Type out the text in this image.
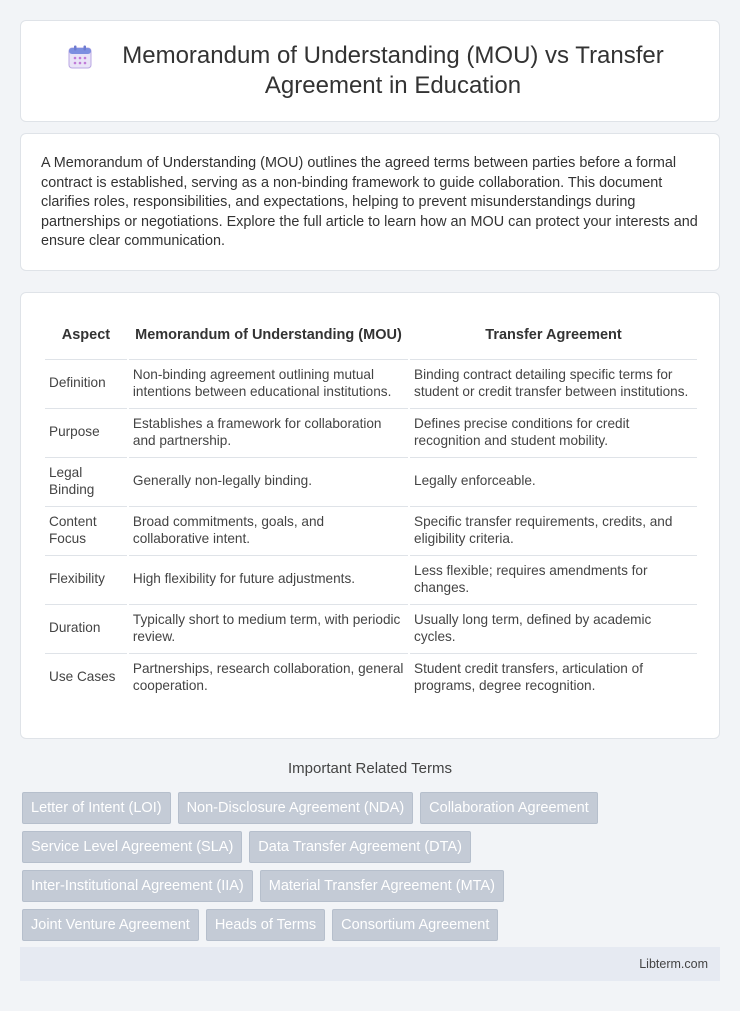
Memorandum of Understanding (MOU) vs Transfer Agreement in Education

A Memorandum of Understanding (MOU) outlines the agreed terms between parties before a formal contract is established, serving as a non-binding framework to guide collaboration. This document clarifies roles, responsibilities, and expectations, helping to prevent misunderstandings during partnerships or negotiations. Explore the full article to learn how an MOU can protect your interests and ensure clear communication.

Aspect	Memorandum of Understanding (MOU)	Transfer Agreement
Definition	Non-binding agreement outlining mutual intentions between educational institutions.	Binding contract detailing specific terms for student or credit transfer between institutions.
Purpose	Establishes a framework for collaboration and partnership.	Defines precise conditions for credit recognition and student mobility.
Legal Binding	Generally non-legally binding.	Legally enforceable.
Content Focus	Broad commitments, goals, and collaborative intent.	Specific transfer requirements, credits, and eligibility criteria.
Flexibility	High flexibility for future adjustments.	Less flexible; requires amendments for changes.
Duration	Typically short to medium term, with periodic review.	Usually long term, defined by academic cycles.
Use Cases	Partnerships, research collaboration, general cooperation.	Student credit transfers, articulation of programs, degree recognition.
Important Related Terms
Letter of Intent (LOI)	Non-Disclosure Agreement (NDA)	Collaboration Agreement
Service Level Agreement (SLA)	Data Transfer Agreement (DTA)
Inter-Institutional Agreement (IIA)	Material Transfer Agreement (MTA)
Joint Venture Agreement	Heads of Terms	Consortium Agreement
Libterm.com
